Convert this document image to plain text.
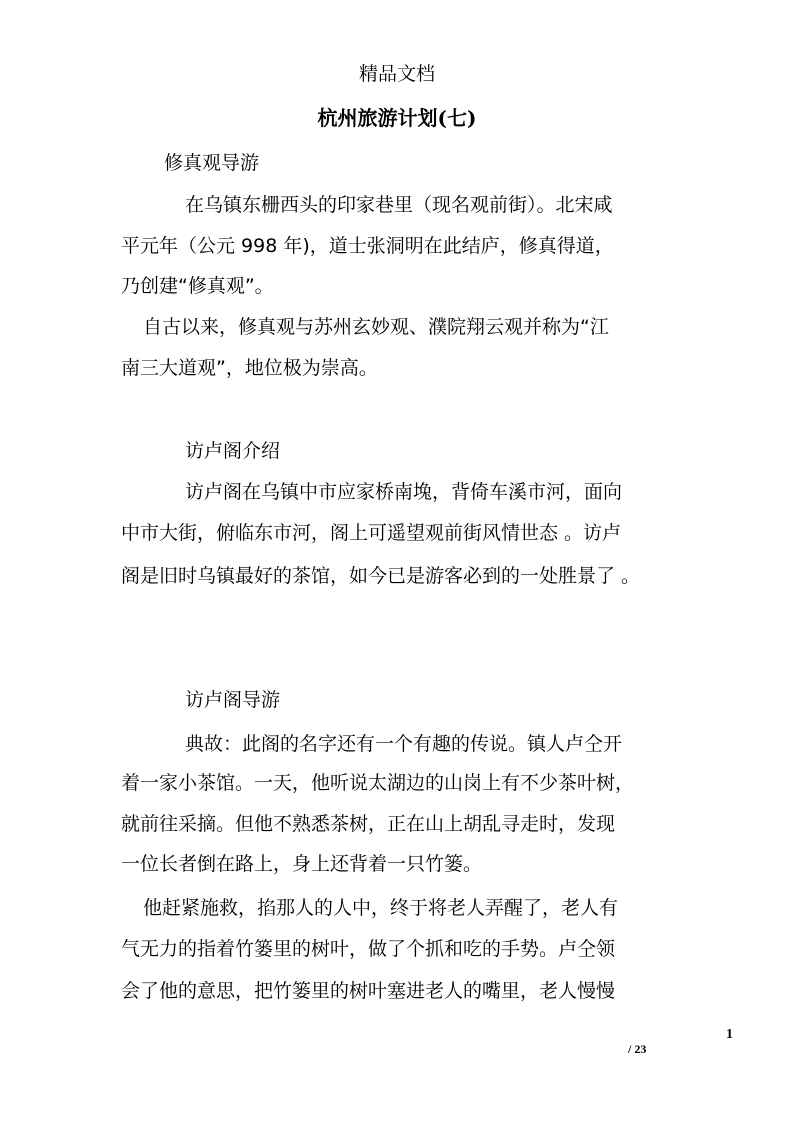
精品文档
杭州旅游计划(七)
修真观导游
在乌镇东栅西头的印家巷里（现名观前街）。北宋咸
平元年（公元 998 年)，道士张洞明在此结庐，修真得道，
乃创建“修真观”。
自古以来，修真观与苏州玄妙观、濮院翔云观并称为“江
南三大道观”，地位极为崇高。
访卢阁介绍
访卢阁在乌镇中市应家桥南堍，背倚车溪市河，面向
中市大街，俯临东市河，阁上可遥望观前街风情世态 。访卢
阁是旧时乌镇最好的茶馆，如今已是游客必到的一处胜景了 。
访卢阁导游
典故：此阁的名字还有一个有趣的传说。镇人卢仝开
着一家小茶馆。一天，他听说太湖边的山岗上有不少茶叶树，
就前往采摘。但他不熟悉茶树，正在山上胡乱寻走时，发现
一位长者倒在路上，身上还背着一只竹篓。
他赶紧施救，掐那人的人中，终于将老人弄醒了，老人有
气无力的指着竹篓里的树叶，做了个抓和吃的手势。卢仝领
会了他的意思，把竹篓里的树叶塞进老人的嘴里，老人慢慢
1
/ 23
